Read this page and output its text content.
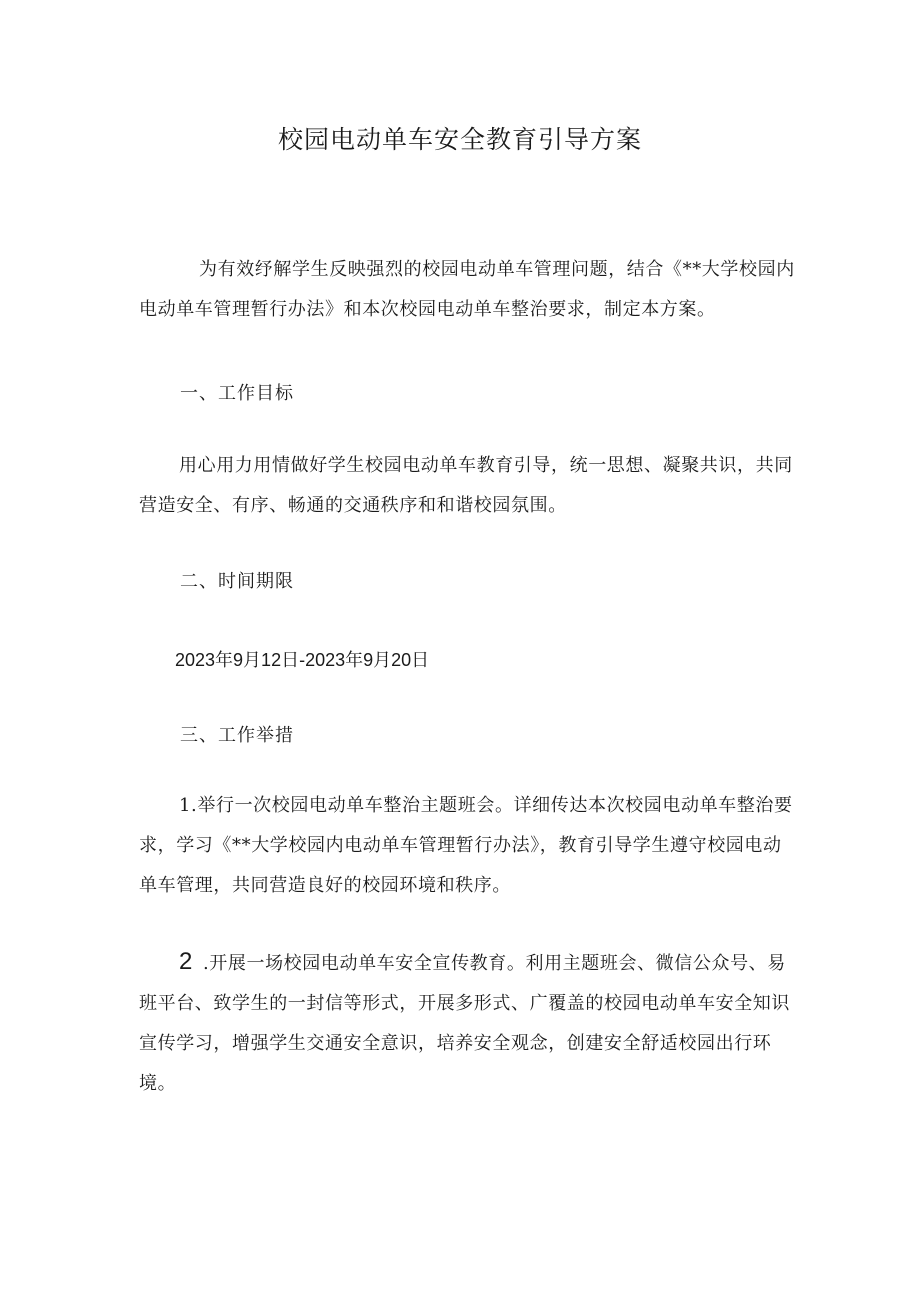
校园电动单车安全教育引导方案

为有效纾解学生反映强烈的校园电动单车管理问题，结合《**大学校园内电动单车管理暂行办法》和本次校园电动单车整治要求，制定本方案。

一、工作目标

用心用力用情做好学生校园电动单车教育引导，统一思想、凝聚共识，共同营造安全、有序、畅通的交通秩序和和谐校园氛围。

二、时间期限
2023年9月12日-2023年9月20日
三、工作举措

1.举行一次校园电动单车整治主题班会。详细传达本次校园电动单车整治要求，学习《**大学校园内电动单车管理暂行办法》，教育引导学生遵守校园电动单车管理，共同营造良好的校园环境和秩序。

2 .开展一场校园电动单车安全宣传教育。利用主题班会、微信公众号、易班平台、致学生的一封信等形式，开展多形式、广覆盖的校园电动单车安全知识宣传学习，增强学生交通安全意识，培养安全观念，创建安全舒适校园出行环境。
